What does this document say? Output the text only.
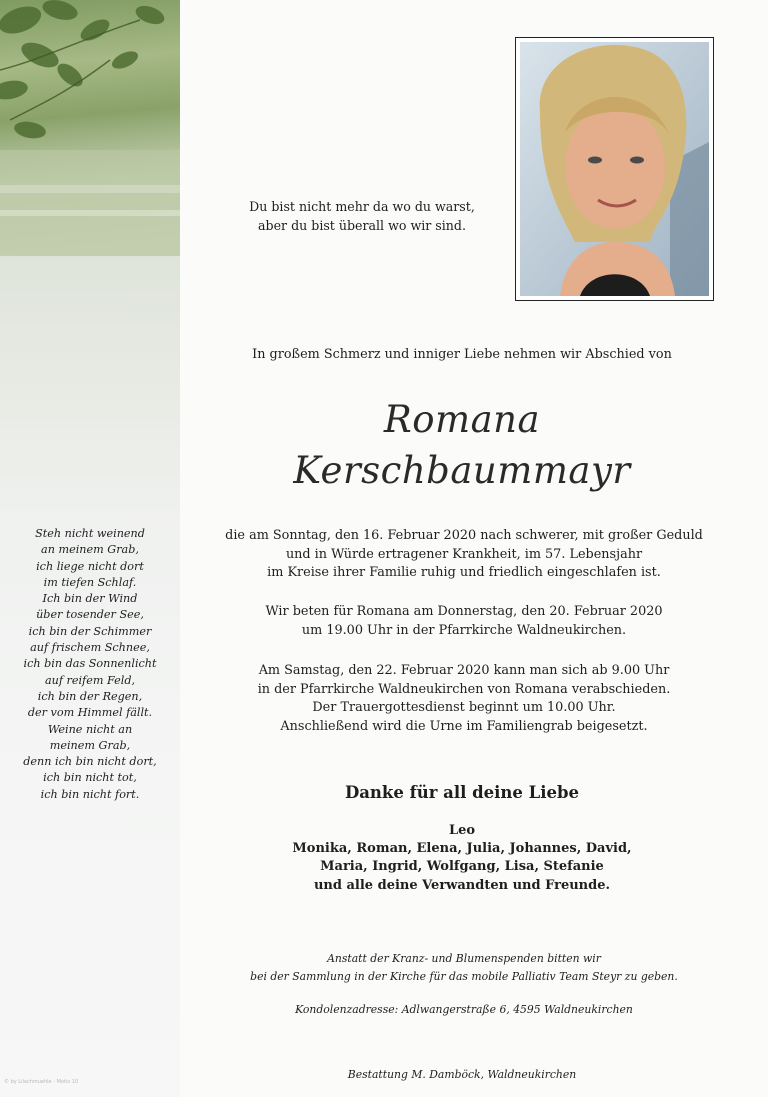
Steh nicht weinend
an meinem Grab,
ich liege nicht dort
im tiefen Schlaf.
Ich bin der Wind
über tosender See,
ich bin der Schimmer
auf frischem Schnee,
ich bin das Sonnenlicht
auf reifem Feld,
ich bin der Regen,
der vom Himmel fällt.
Weine nicht an
meinem Grab,
denn ich bin nicht dort,
ich bin nicht tot,
ich bin nicht fort.
Du bist nicht mehr da wo du warst,
aber du bist überall wo wir sind.
In großem Schmerz und inniger Liebe nehmen wir Abschied von
Romana
Kerschbaummayr
die am Sonntag, den 16. Februar 2020 nach schwerer, mit großer Geduld
und in Würde ertragener Krankheit, im 57. Lebensjahr
im Kreise ihrer Familie ruhig und friedlich eingeschlafen ist.
Wir beten für Romana am Donnerstag, den 20. Februar 2020
um 19.00 Uhr in der Pfarrkirche Waldneukirchen.
Am Samstag, den 22. Februar 2020 kann man sich ab 9.00 Uhr
in der Pfarrkirche Waldneukirchen von Romana verabschieden.
Der Trauergottesdienst beginnt um 10.00 Uhr.
Anschließend wird die Urne im Familiengrab beigesetzt.
Danke für all deine Liebe
Leo
Monika, Roman, Elena, Julia, Johannes, David,
Maria, Ingrid, Wolfgang, Lisa, Stefanie
und alle deine Verwandten und Freunde.
Anstatt der Kranz- und Blumenspenden bitten wir
bei der Sammlung in der Kirche für das mobile Palliativ Team Steyr zu geben.
Kondolenzadresse: Adlwangerstraße 6, 4595 Waldneukirchen
Bestattung M. Damböck, Waldneukirchen
© by Lilachmuehle - Motiv 10
